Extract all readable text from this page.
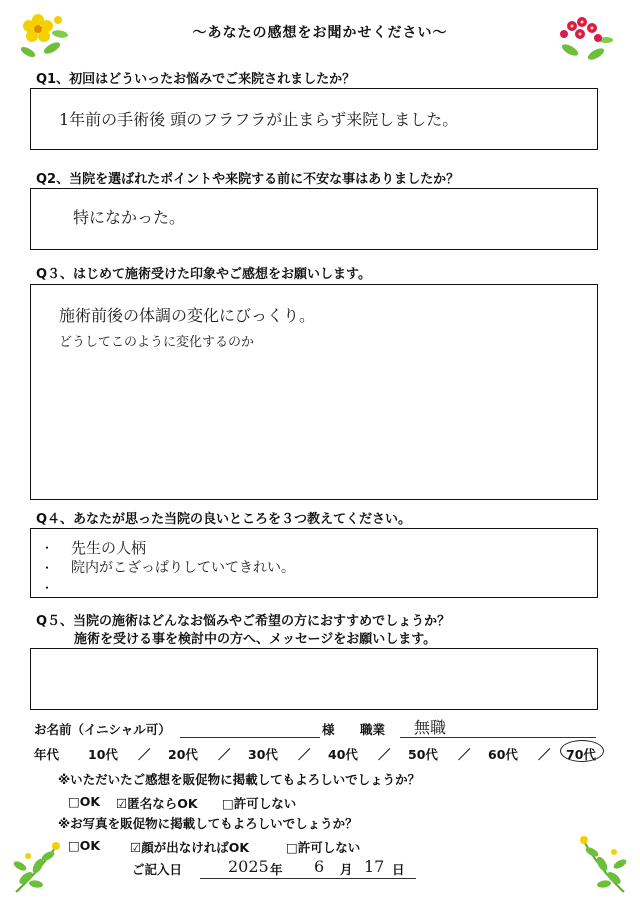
～あなたの感想をお聞かせください～
Q1、初回はどういったお悩みでご来院されましたか？
1年前の手術後 頭のフラフラが止まらず来院しました。
Q2、当院を選ばれたポイントや来院する前に不安な事はありましたか？
特になかった。
Q３、はじめて施術受けた印象やご感想をお願いします。
施術前後の体調の変化にびっくり。
どうしてこのように変化するのか
Q４、あなたが思った当院の良いところを３つ教えてください。
・ 先生の人柄
・ 院内がこざっぱりしていてきれい。
・
Q５、当院の施術はどんなお悩みやご希望の方におすすめでしょうか？
施術を受ける事を検討中の方へ、メッセージをお願いします。
お名前（イニシャル可）	様 職業 無職
年代 10代 ／ 20代 ／ 30代 ／ 40代 ／ 50代 ／ 60代 ／ 70代
※いただいたご感想を販促物に掲載してもよろしいでしょうか？
□OK ☑匿名ならOK □許可しない
※お写真を販促物に掲載してもよろしいでしょうか？
□OK ☑顔が出なければOK	□許可しない
ご記入日	2025 年 6 月 17 日
